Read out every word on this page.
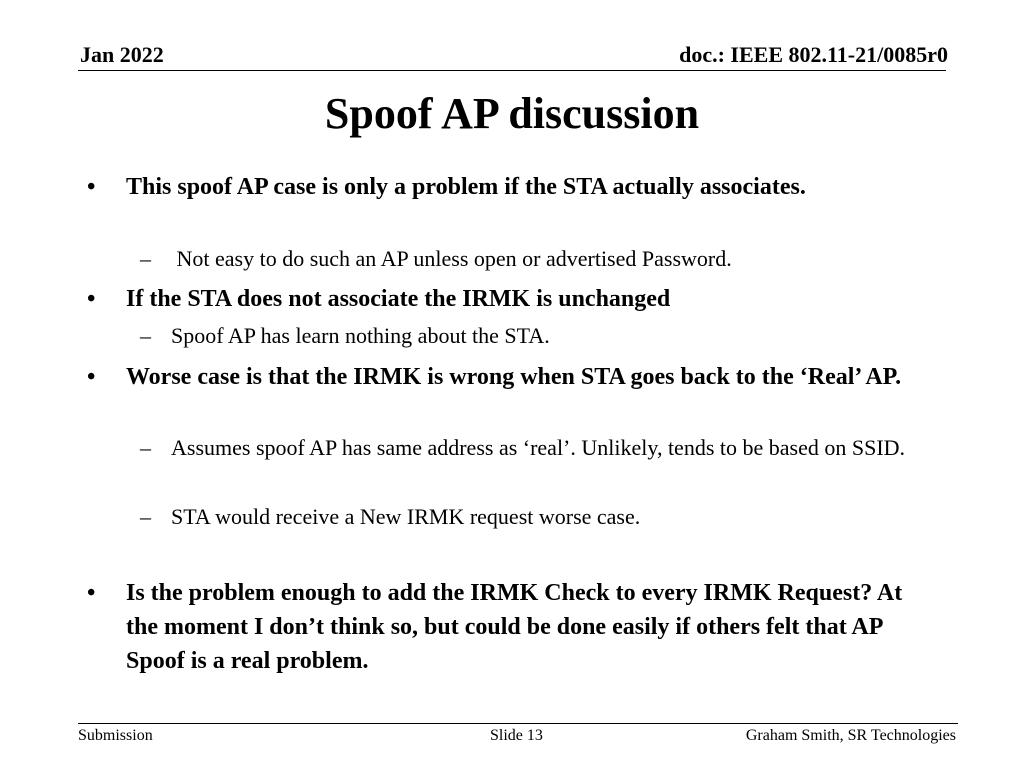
Jan 2022	doc.: IEEE 802.11-21/0085r0
Spoof AP discussion
• This spoof AP case is only a problem if the STA actually associates.
– Not easy to do such an AP unless open or advertised Password.
• If the STA does not associate the IRMK is unchanged
– Spoof AP has learn nothing about the STA.
• Worse case is that the IRMK is wrong when STA goes back to the ‘Real’ AP.
– Assumes spoof AP has same address as ‘real’. Unlikely, tends to be based on SSID.
– STA would receive a New IRMK request worse case.
• Is the problem enough to add the IRMK Check to every IRMK Request? At the moment I don’t think so, but could be done easily if others felt that AP Spoof is a real problem.
Submission	Slide 13	Graham Smith, SR Technologies
